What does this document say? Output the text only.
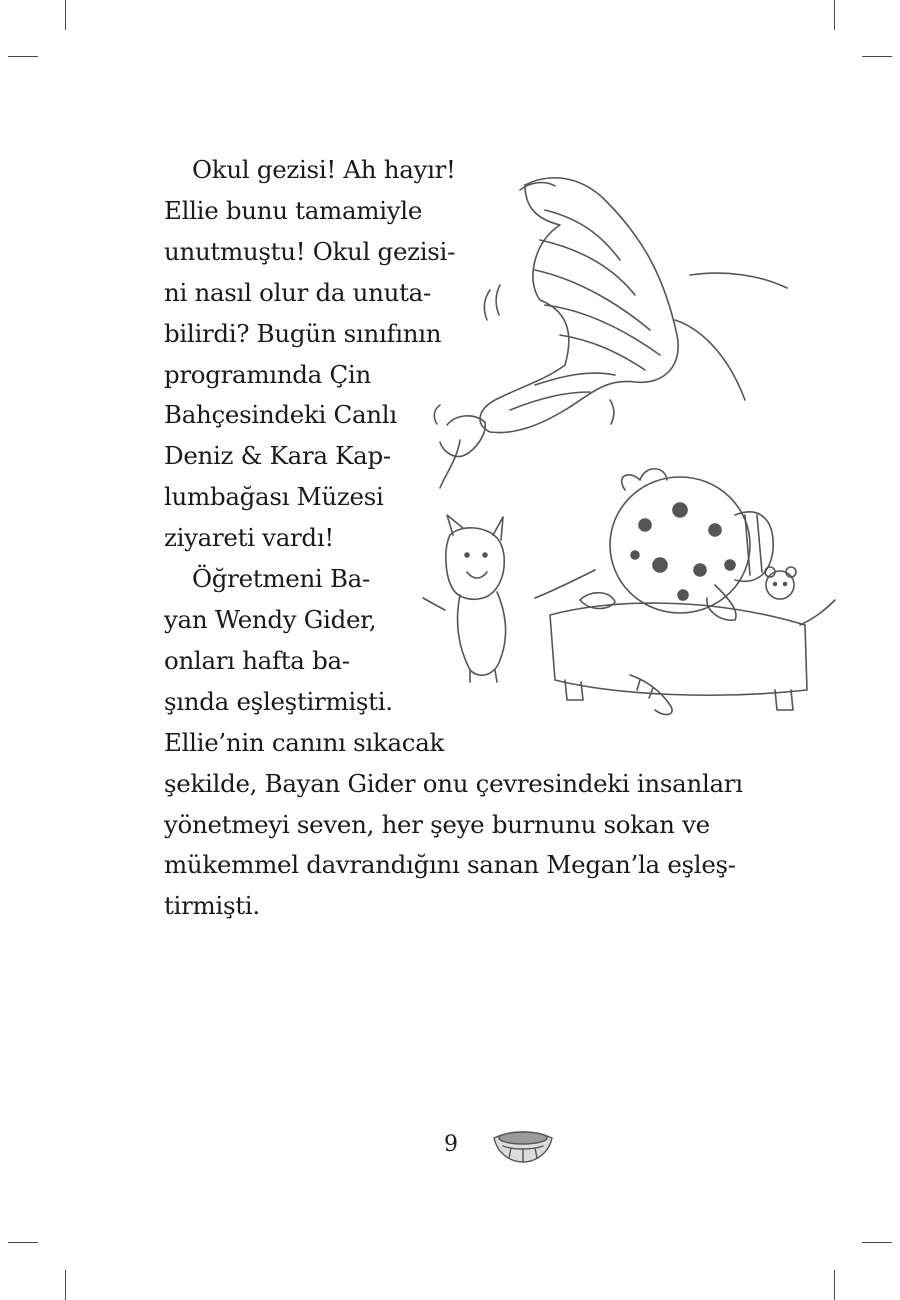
Okul gezisi! Ah hayır!
Ellie bunu tamamiyle
unutmuştu! Okul gezisi-
ni nasıl olur da unuta-
bilirdi? Bugün sınıfının
programında Çin
Bahçesindeki Canlı
Deniz & Kara Kap-
lumbağası Müzesi
ziyareti vardı!
Öğretmeni Ba-
yan Wendy Gider,
onları hafta ba-
şında eşleştirmişti.
Ellie’nin canını sıkacak
şekilde, Bayan Gider onu çevresindeki insanları
yönetmeyi seven, her şeye burnunu sokan ve
mükemmel davrandığını sanan Megan’la eşleş-
tirmişti.
9
